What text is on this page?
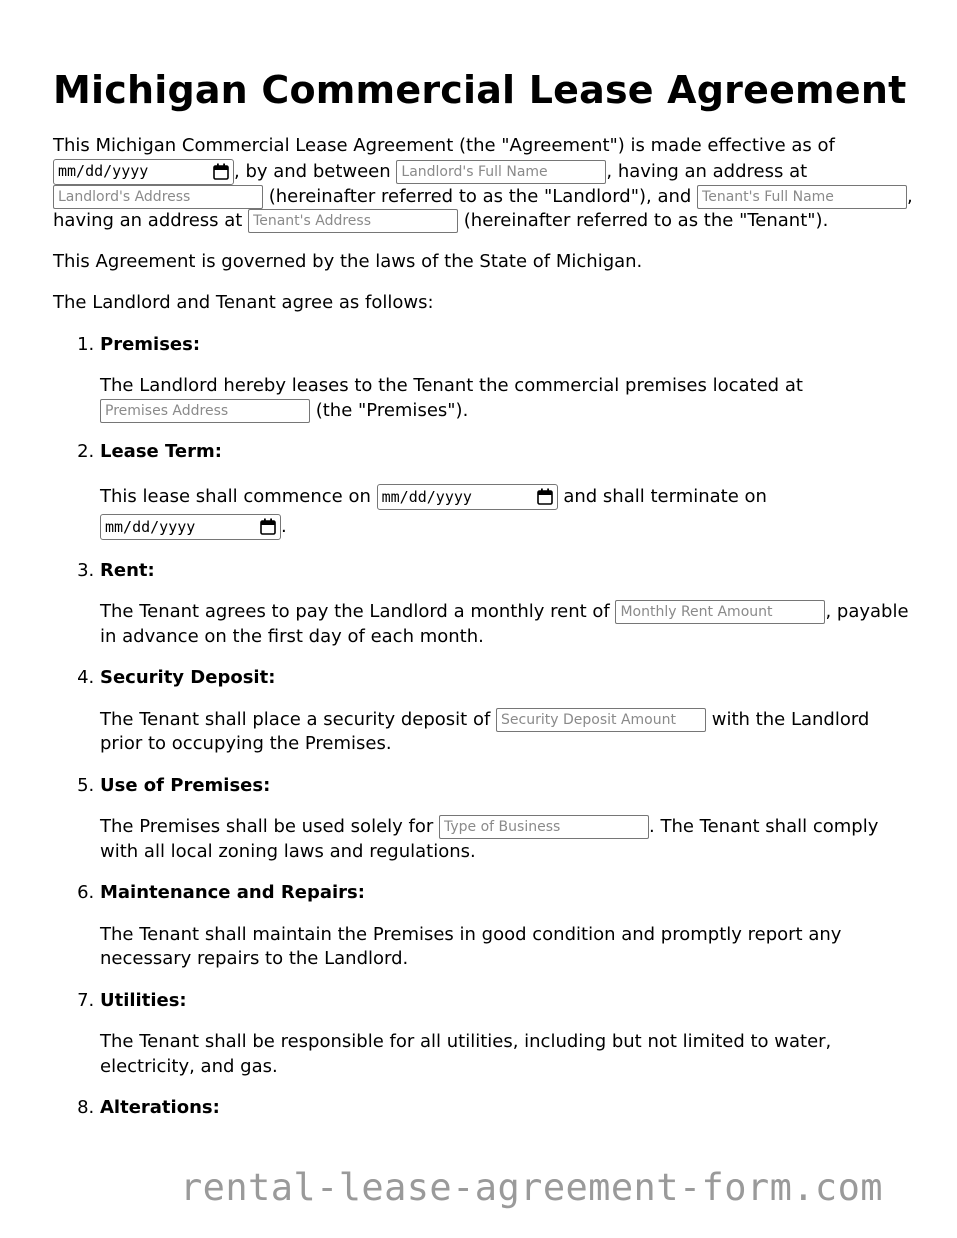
Michigan Commercial Lease Agreement

This Michigan Commercial Lease Agreement (the "Agreement") is made effective as of
mm/dd/yyyy	, by and between Landlord's Full Name	, having an address at Landlord's Address (hereinafter referred to as the "Landlord"), and Tenant's Full Name	, having an address at Tenant's Address	(hereinafter referred to as the "Tenant").

This Agreement is governed by the laws of the State of Michigan.

The Landlord and Tenant agree as follows:

1. Premises:

The Landlord hereby leases to the Tenant the commercial premises located at Premises Address (the "Premises").

2. Lease Term:

This lease shall commence on mm/dd/yyyy	and shall terminate on
mm/dd/yyyy	.

3. Rent:

The Tenant agrees to pay the Landlord a monthly rent of Monthly Rent Amount	, payable in advance on the first day of each month.

4. Security Deposit:

The Tenant shall place a security deposit of Security Deposit Amount	with the Landlord prior to occupying the Premises.

5. Use of Premises:

The Premises shall be used solely for Type of Business	. The Tenant shall comply with all local zoning laws and regulations.

6. Maintenance and Repairs:

The Tenant shall maintain the Premises in good condition and promptly report any necessary repairs to the Landlord.

7. Utilities:

The Tenant shall be responsible for all utilities, including but not limited to water, electricity, and gas.

8. Alterations:
rental-lease-agreement-form.com
